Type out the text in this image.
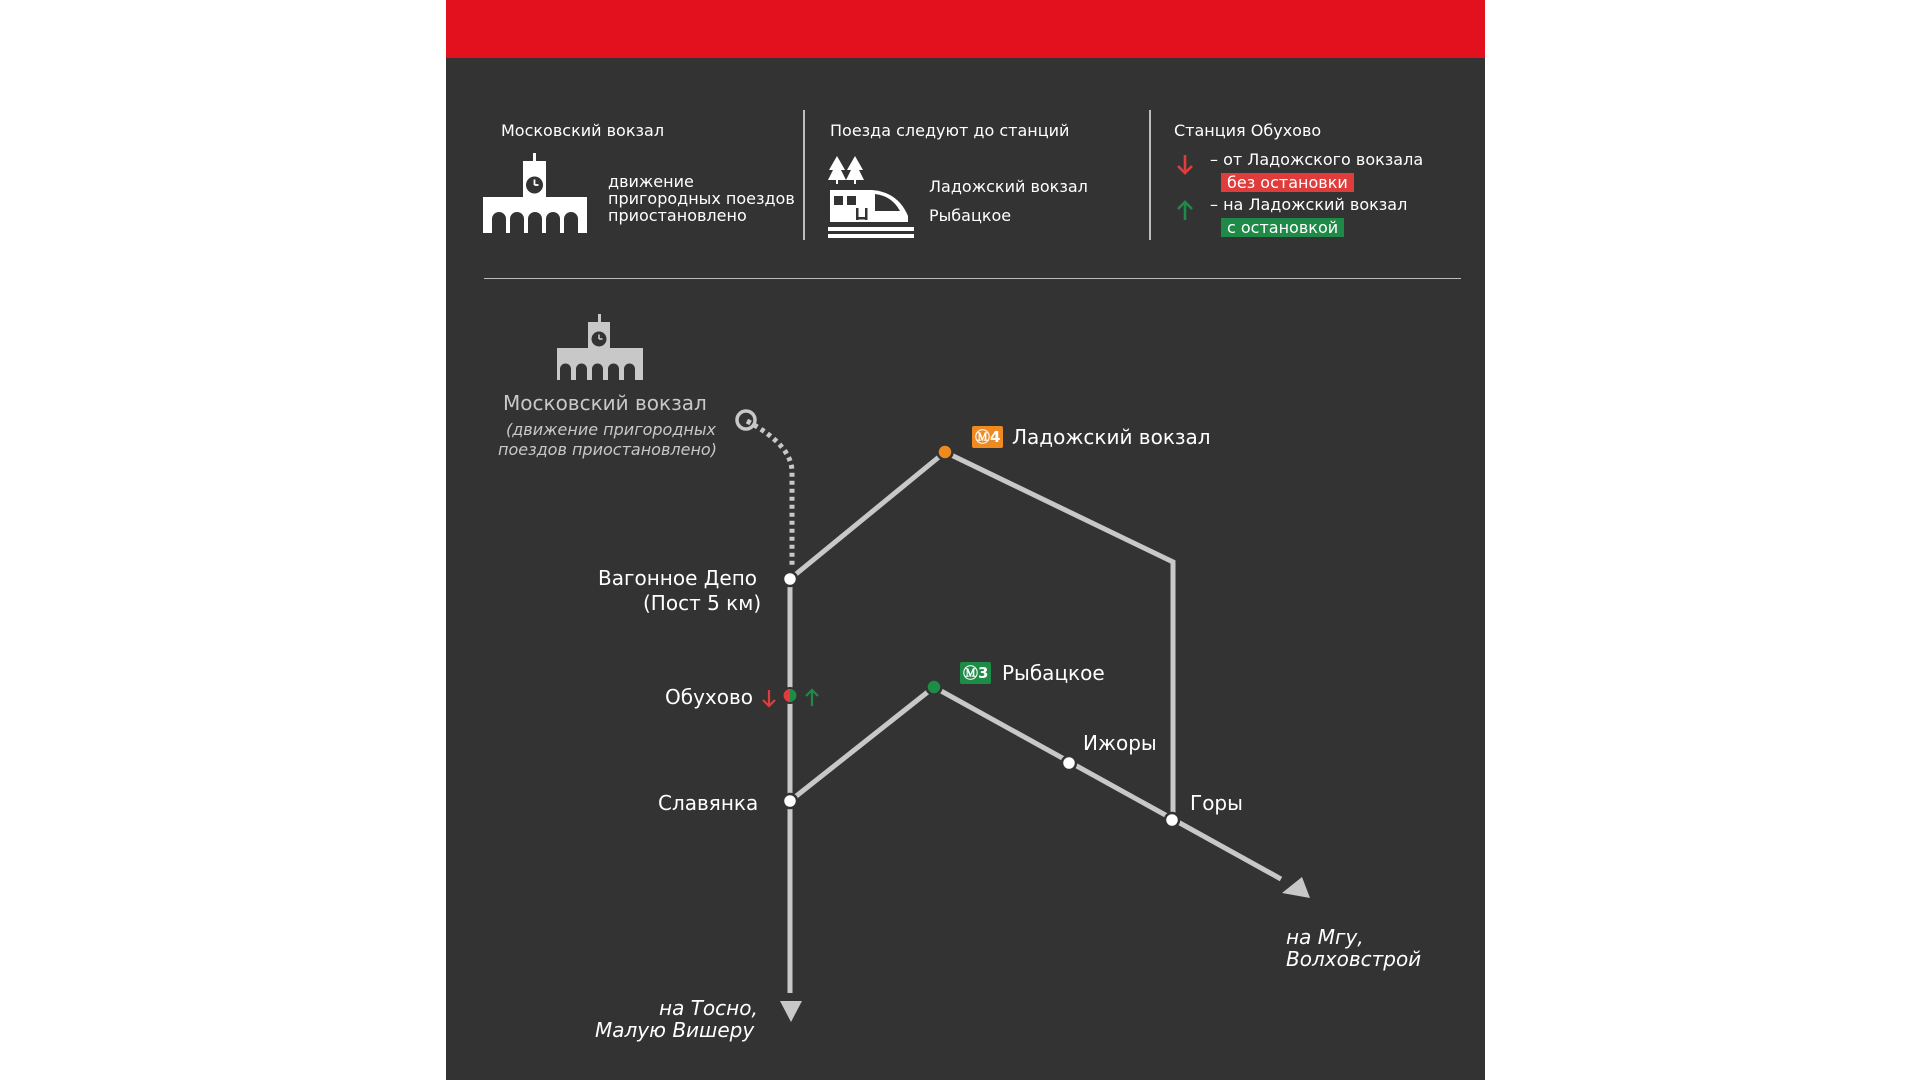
Московский вокзал
движение
пригородных поездов
приостановлено
Поезда следуют до станций
Ладожский вокзал
Рыбацкое
Станция Обухово
– от Ладожского вокзала
без остановки
– на Ладожский вокзал
с остановкой
Московский вокзал
(движение пригородных
поездов приостановлено)
Ⓜ4 Ладожский вокзал
Вагонное Депо
(Пост 5 км)
Ⓜ3 Рыбацкое
Обухово
Ижоры
Славянка	Горы
на Тосно,
Малую Вишеру
на Мгу,
Волховстрой
